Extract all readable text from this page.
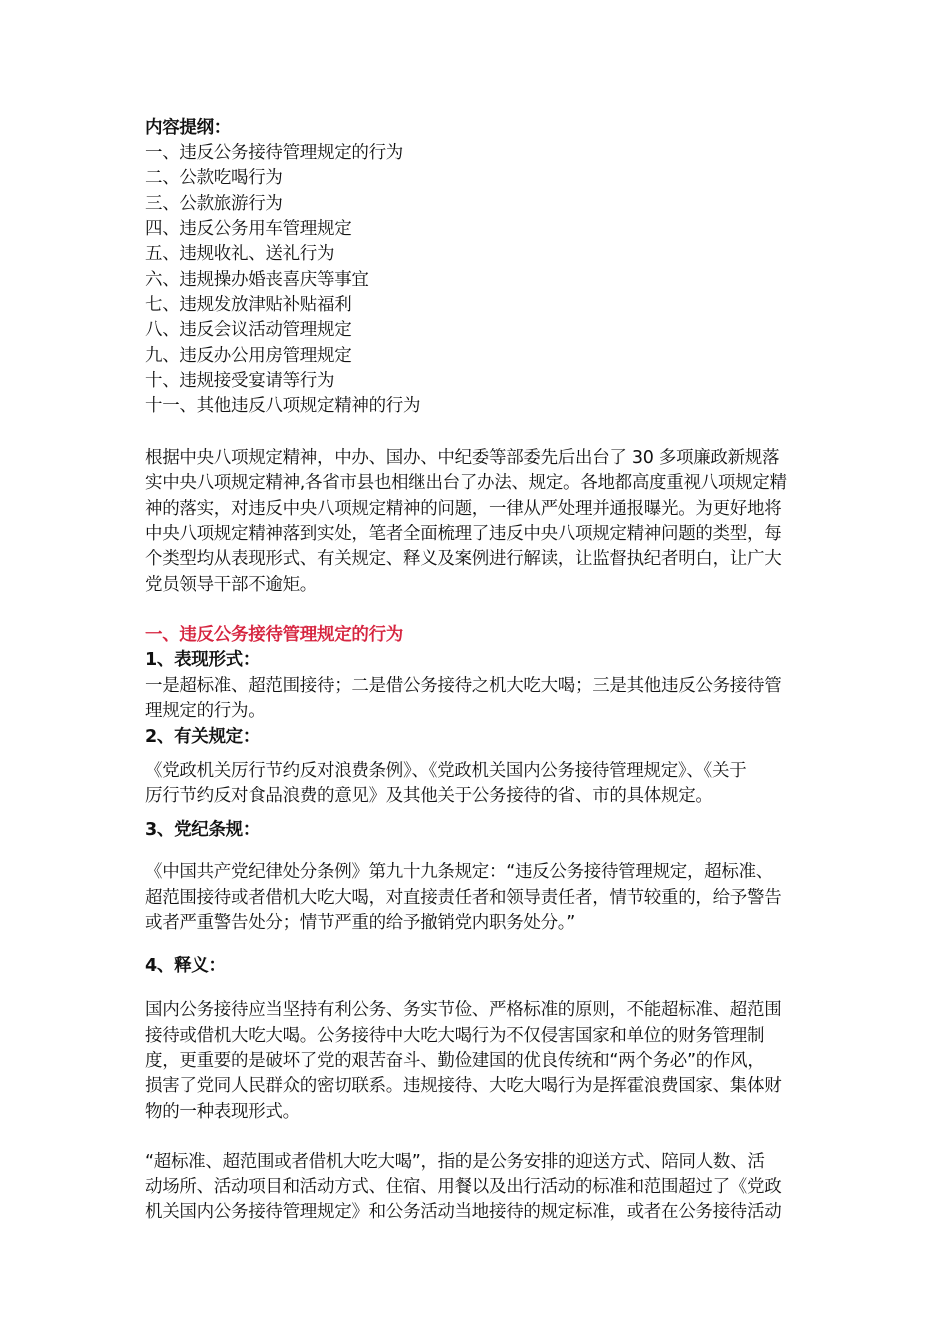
内容提纲：
一、违反公务接待管理规定的行为
二、公款吃喝行为
三、公款旅游行为
四、违反公务用车管理规定
五、违规收礼、送礼行为
六、违规操办婚丧喜庆等事宜
七、违规发放津贴补贴福利
八、违反会议活动管理规定
九、违反办公用房管理规定
十、违规接受宴请等行为
十一、其他违反八项规定精神的行为
根据中央八项规定精神，中办、国办、中纪委等部委先后出台了 30 多项廉政新规落
实中央八项规定精神,各省市县也相继出台了办法、规定。各地都高度重视八项规定精
神的落实，对违反中央八项规定精神的问题，一律从严处理并通报曝光。为更好地将
中央八项规定精神落到实处，笔者全面梳理了违反中央八项规定精神问题的类型，每
个类型均从表现形式、有关规定、释义及案例进行解读，让监督执纪者明白，让广大
党员领导干部不逾矩。
一、违反公务接待管理规定的行为
1、表现形式：
一是超标准、超范围接待；二是借公务接待之机大吃大喝；三是其他违反公务接待管
理规定的行为。
2、有关规定：
《党政机关厉行节约反对浪费条例》、《党政机关国内公务接待管理规定》、《关于
厉行节约反对食品浪费的意见》及其他关于公务接待的省、市的具体规定。
3、党纪条规：
《中国共产党纪律处分条例》第九十九条规定：“违反公务接待管理规定，超标准、
超范围接待或者借机大吃大喝，对直接责任者和领导责任者，情节较重的，给予警告
或者严重警告处分；情节严重的给予撤销党内职务处分。”
4、释义：
国内公务接待应当坚持有利公务、务实节俭、严格标准的原则，不能超标准、超范围
接待或借机大吃大喝。公务接待中大吃大喝行为不仅侵害国家和单位的财务管理制
度，更重要的是破坏了党的艰苦奋斗、勤俭建国的优良传统和“两个务必”的作风，
损害了党同人民群众的密切联系。违规接待、大吃大喝行为是挥霍浪费国家、集体财
物的一种表现形式。
“超标准、超范围或者借机大吃大喝”，指的是公务安排的迎送方式、陪同人数、活
动场所、活动项目和活动方式、住宿、用餐以及出行活动的标准和范围超过了《党政
机关国内公务接待管理规定》和公务活动当地接待的规定标准，或者在公务接待活动
